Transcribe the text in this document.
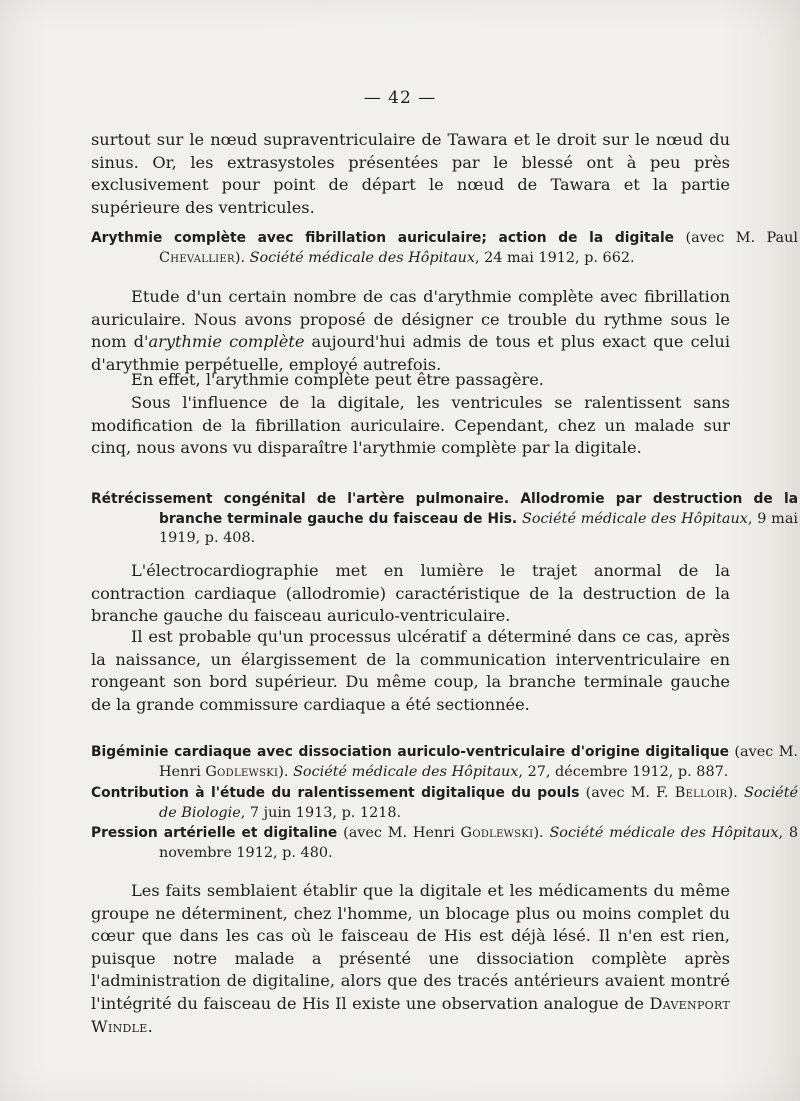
— 42 —

surtout sur le nœud supraventriculaire de Tawara et le droit sur le nœud du sinus. Or, les extrasystoles présentées par le blessé ont à peu près exclusivement pour point de départ le nœud de Tawara et la partie supérieure des ventricules.

Arythmie complète avec fibrillation auriculaire; action de la digitale (avec M. Paul Chevallier). Société médicale des Hôpitaux, 24 mai 1912, p. 662.

Etude d'un certain nombre de cas d'arythmie complète avec fibrillation auriculaire. Nous avons proposé de désigner ce trouble du rythme sous le nom d'arythmie complète aujourd'hui admis de tous et plus exact que celui d'arythmie perpétuelle, employé autrefois.

En effet, l'arythmie complète peut être passagère.

Sous l'influence de la digitale, les ventricules se ralentissent sans modification de la fibrillation auriculaire. Cependant, chez un malade sur cinq, nous avons vu disparaître l'arythmie complète par la digitale.

Rétrécissement congénital de l'artère pulmonaire. Allodromie par destruction de la branche terminale gauche du faisceau de His. Société médicale des Hôpitaux, 9 mai 1919, p. 408.

L'électrocardiographie met en lumière le trajet anormal de la contraction cardiaque (allodromie) caractéristique de la destruction de la branche gauche du faisceau auriculo-ventriculaire.

Il est probable qu'un processus ulcératif a déterminé dans ce cas, après la naissance, un élargissement de la communication interventriculaire en rongeant son bord supérieur. Du même coup, la branche terminale gauche de la grande commissure cardiaque a été sectionnée.

Bigéminie cardiaque avec dissociation auriculo-ventriculaire d'origine digitalique (avec M. Henri Godlewski). Société médicale des Hôpitaux, 27, décembre 1912, p. 887.

Contribution à l'étude du ralentissement digitalique du pouls (avec M. F. Belloir). Société de Biologie, 7 juin 1913, p. 1218.

Pression artérielle et digitaline (avec M. Henri Godlewski). Société médicale des Hôpitaux, 8 novembre 1912, p. 480.

Les faits semblaient établir que la digitale et les médicaments du même groupe ne déterminent, chez l'homme, un blocage plus ou moins complet du cœur que dans les cas où le faisceau de His est déjà lésé. Il n'en est rien, puisque notre malade a présenté une dissociation complète après l'administration de digitaline, alors que des tracés antérieurs avaient montré l'intégrité du faisceau de His Il existe une observation analogue de Davenport Windle.
